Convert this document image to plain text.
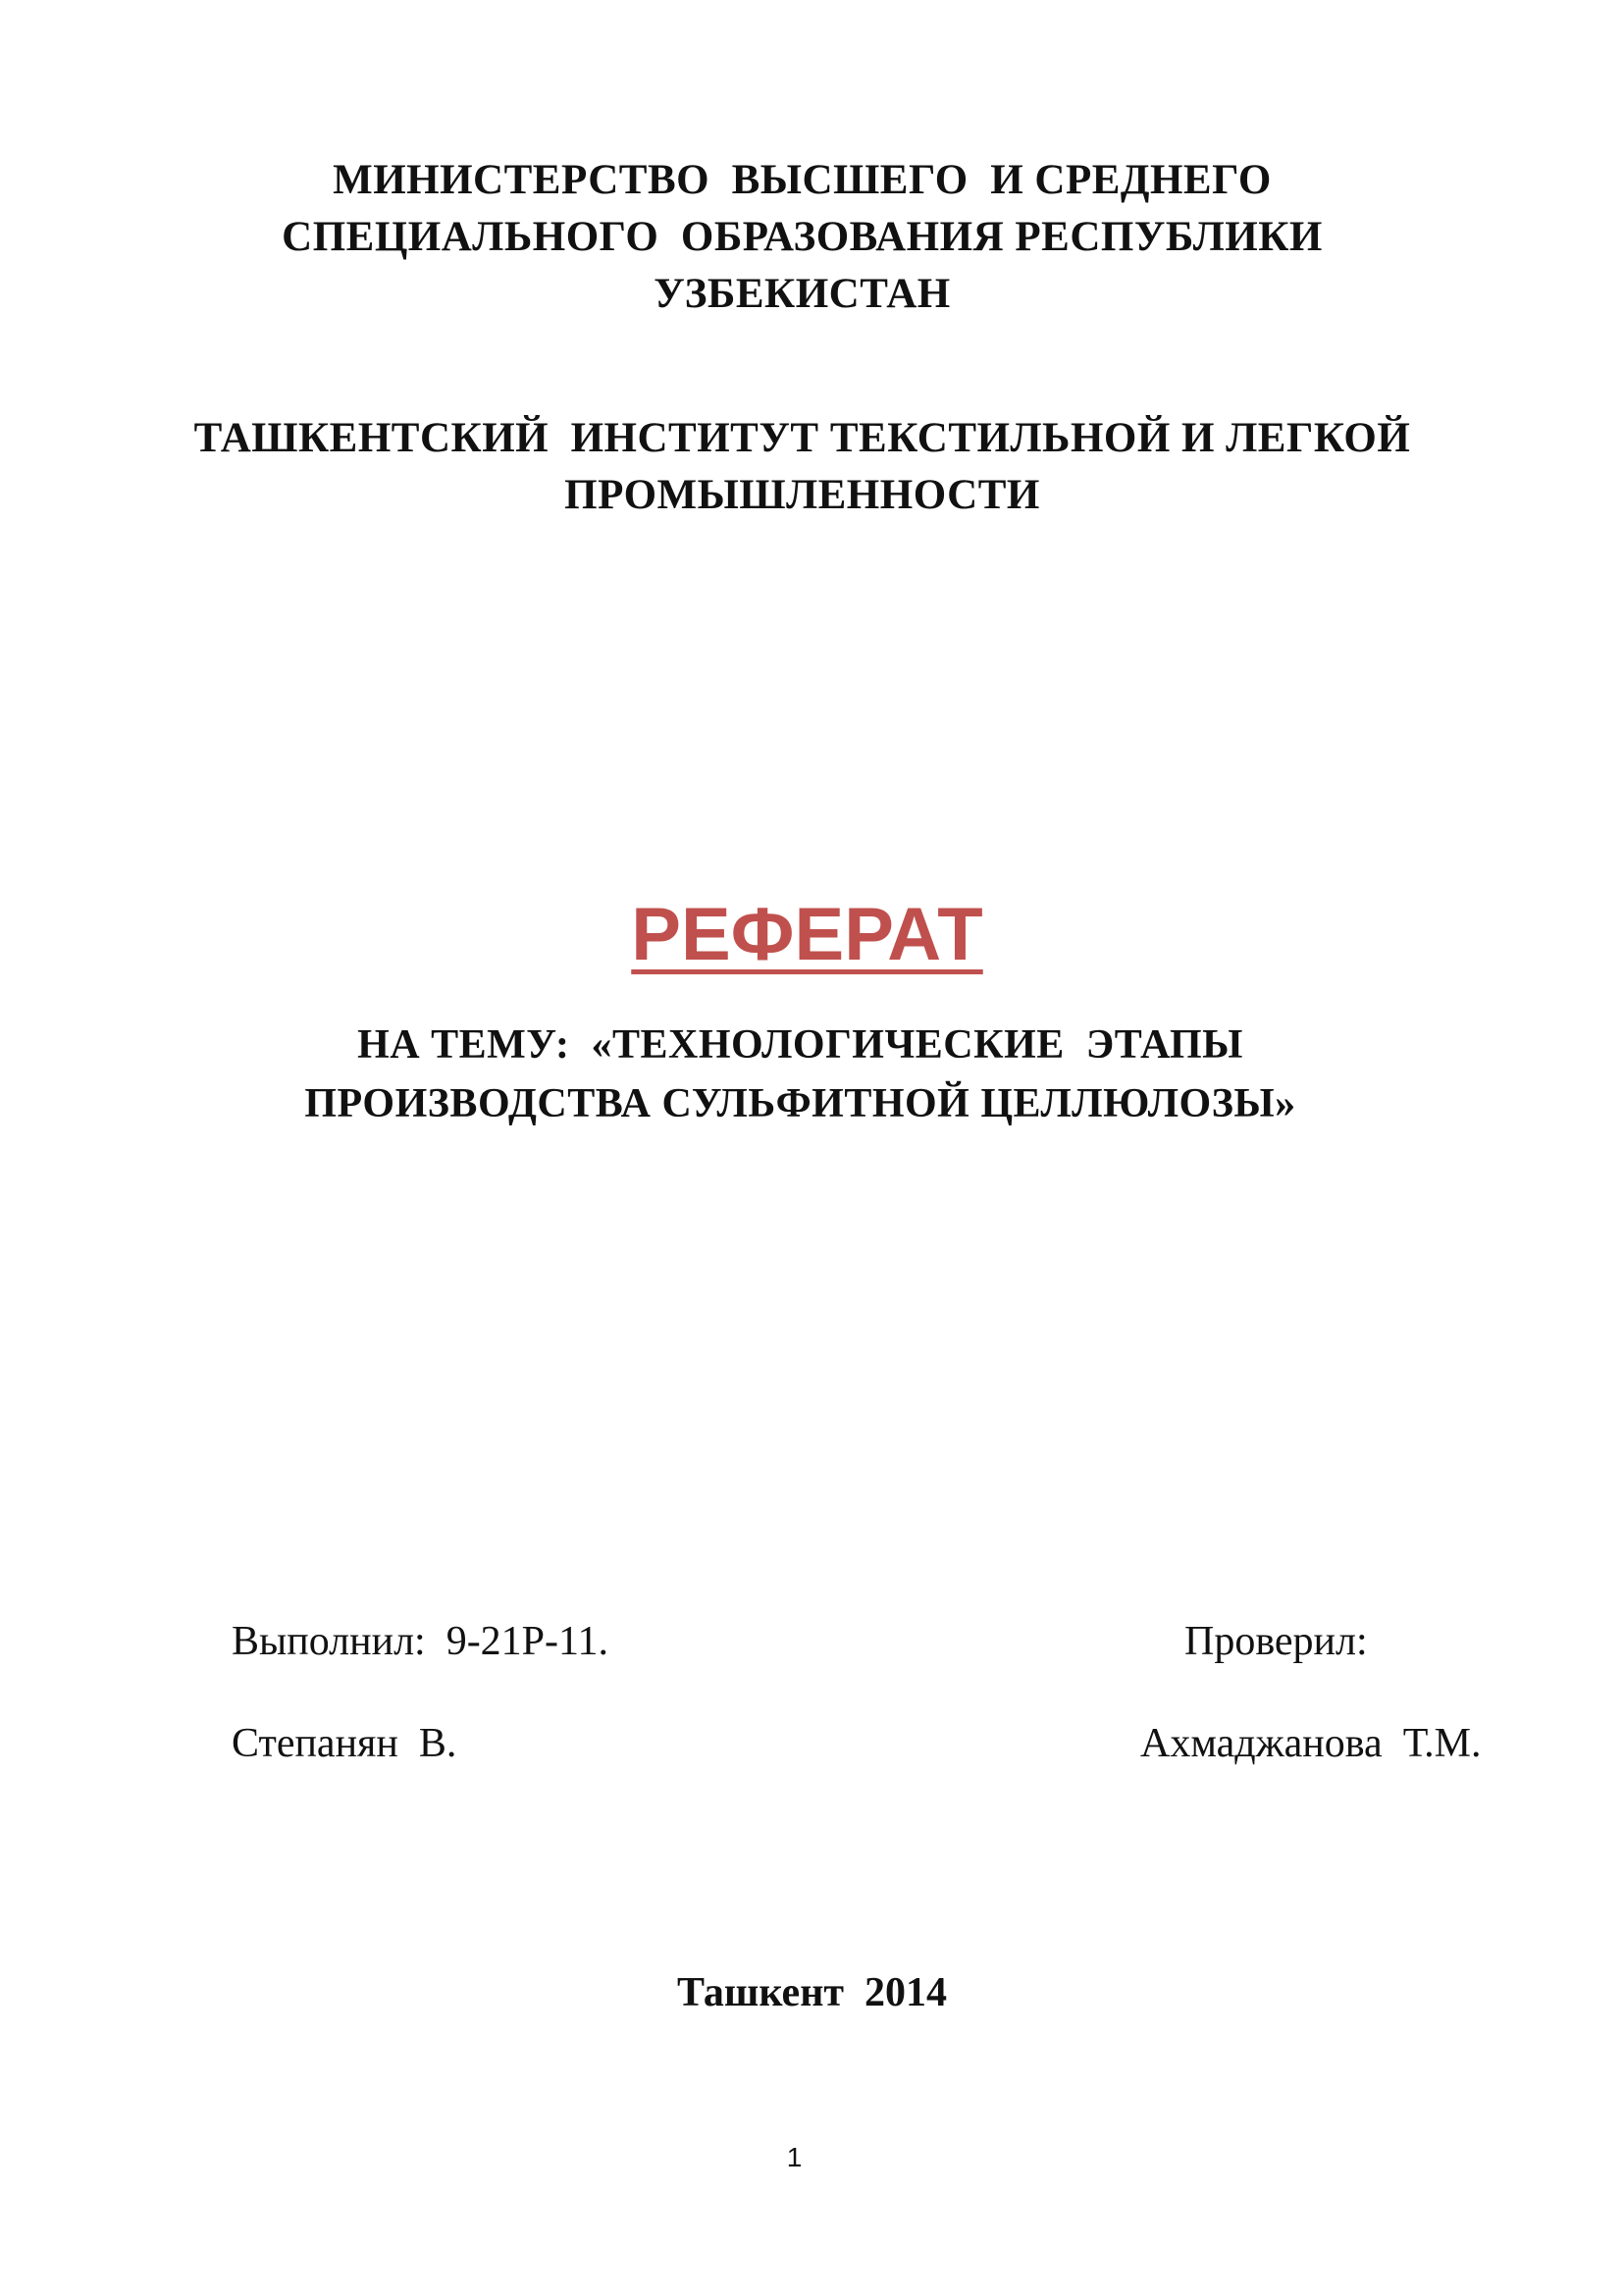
МИНИСТЕРСТВО  ВЫСШЕГО  И СРЕДНЕГО
СПЕЦИАЛЬНОГО  ОБРАЗОВАНИЯ РЕСПУБЛИКИ
УЗБЕКИСТАН
ТАШКЕНТСКИЙ  ИНСТИТУТ ТЕКСТИЛЬНОЙ И ЛЕГКОЙ
ПРОМЫШЛЕННОСТИ
РЕФЕРАТ
НА ТЕМУ:  «ТЕХНОЛОГИЧЕСКИЕ  ЭТАПЫ
ПРОИЗВОДСТВА СУЛЬФИТНОЙ ЦЕЛЛЮЛОЗЫ»
Выполнил:  9-21Р-11.	Проверил:
Степанян  В.	Ахмаджанова  Т.М.
Ташкент  2014
1
